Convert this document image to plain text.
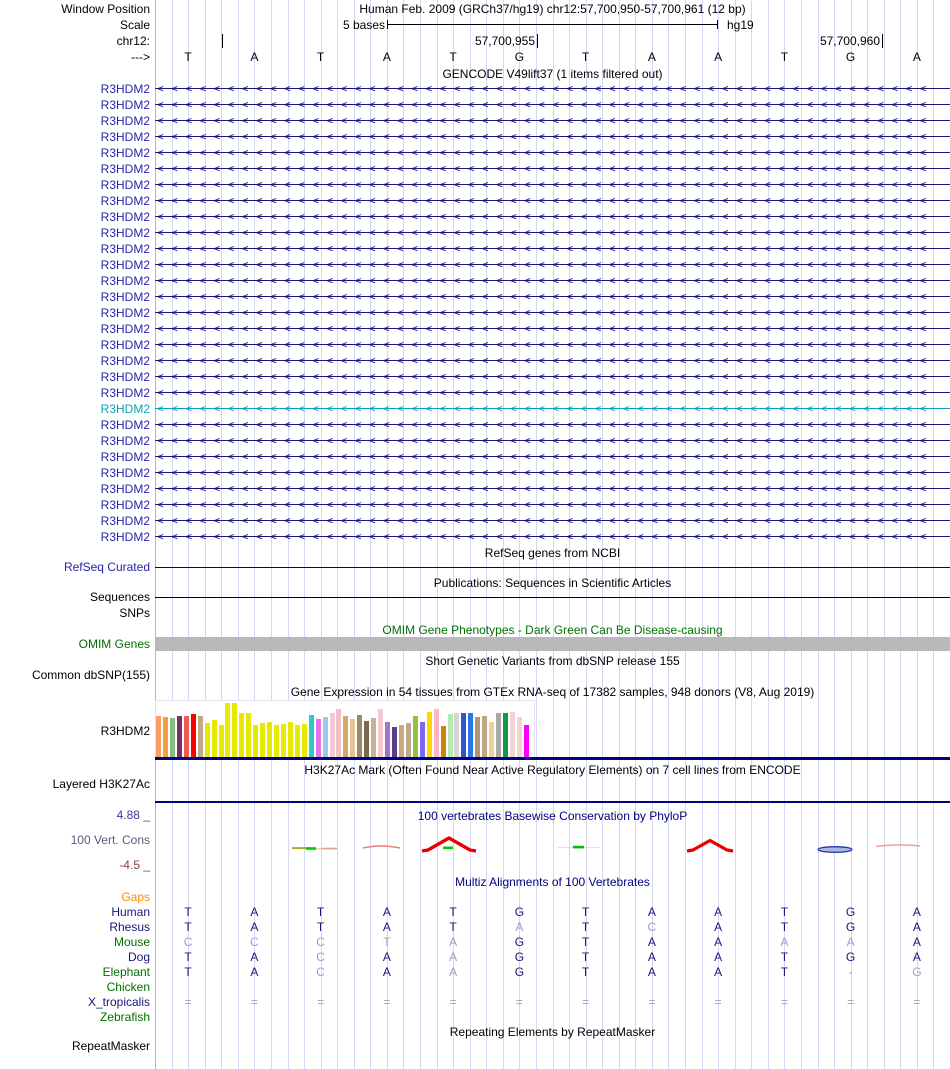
Window Position	Human Feb. 2009 (GRCh37/hg19) chr12:57,700,950-57,700,961 (12 bp)
Scale	5 bases	hg19
chr12:	57,700,955	57,700,960
--->	T	A	T	A	T	G	T	A	A	T	G	A
GENCODE V49lift37 (1 items filtered out)
R3HDM2 <<<<<<<<<<<<<<<<<<<<<<<<<<<<<<<<<<<<<<<<<<<<<<<<<<<<<<<
R3HDM2 <<<<<<<<<<<<<<<<<<<<<<<<<<<<<<<<<<<<<<<<<<<<<<<<<<<<<<<
R3HDM2 <<<<<<<<<<<<<<<<<<<<<<<<<<<<<<<<<<<<<<<<<<<<<<<<<<<<<<<
R3HDM2 <<<<<<<<<<<<<<<<<<<<<<<<<<<<<<<<<<<<<<<<<<<<<<<<<<<<<<<
R3HDM2 <<<<<<<<<<<<<<<<<<<<<<<<<<<<<<<<<<<<<<<<<<<<<<<<<<<<<<<
R3HDM2 <<<<<<<<<<<<<<<<<<<<<<<<<<<<<<<<<<<<<<<<<<<<<<<<<<<<<<<
R3HDM2 <<<<<<<<<<<<<<<<<<<<<<<<<<<<<<<<<<<<<<<<<<<<<<<<<<<<<<<
R3HDM2 <<<<<<<<<<<<<<<<<<<<<<<<<<<<<<<<<<<<<<<<<<<<<<<<<<<<<<<
R3HDM2 <<<<<<<<<<<<<<<<<<<<<<<<<<<<<<<<<<<<<<<<<<<<<<<<<<<<<<<
R3HDM2 <<<<<<<<<<<<<<<<<<<<<<<<<<<<<<<<<<<<<<<<<<<<<<<<<<<<<<<
R3HDM2 <<<<<<<<<<<<<<<<<<<<<<<<<<<<<<<<<<<<<<<<<<<<<<<<<<<<<<<
R3HDM2 <<<<<<<<<<<<<<<<<<<<<<<<<<<<<<<<<<<<<<<<<<<<<<<<<<<<<<<
R3HDM2 <<<<<<<<<<<<<<<<<<<<<<<<<<<<<<<<<<<<<<<<<<<<<<<<<<<<<<<
R3HDM2 <<<<<<<<<<<<<<<<<<<<<<<<<<<<<<<<<<<<<<<<<<<<<<<<<<<<<<<
R3HDM2 <<<<<<<<<<<<<<<<<<<<<<<<<<<<<<<<<<<<<<<<<<<<<<<<<<<<<<<
R3HDM2 <<<<<<<<<<<<<<<<<<<<<<<<<<<<<<<<<<<<<<<<<<<<<<<<<<<<<<<
R3HDM2 <<<<<<<<<<<<<<<<<<<<<<<<<<<<<<<<<<<<<<<<<<<<<<<<<<<<<<<
R3HDM2 <<<<<<<<<<<<<<<<<<<<<<<<<<<<<<<<<<<<<<<<<<<<<<<<<<<<<<<
R3HDM2 <<<<<<<<<<<<<<<<<<<<<<<<<<<<<<<<<<<<<<<<<<<<<<<<<<<<<<<
R3HDM2 <<<<<<<<<<<<<<<<<<<<<<<<<<<<<<<<<<<<<<<<<<<<<<<<<<<<<<<
R3HDM2 <<<<<<<<<<<<<<<<<<<<<<<<<<<<<<<<<<<<<<<<<<<<<<<<<<<<<<<
R3HDM2 <<<<<<<<<<<<<<<<<<<<<<<<<<<<<<<<<<<<<<<<<<<<<<<<<<<<<<<
R3HDM2 <<<<<<<<<<<<<<<<<<<<<<<<<<<<<<<<<<<<<<<<<<<<<<<<<<<<<<<
R3HDM2 <<<<<<<<<<<<<<<<<<<<<<<<<<<<<<<<<<<<<<<<<<<<<<<<<<<<<<<
R3HDM2 <<<<<<<<<<<<<<<<<<<<<<<<<<<<<<<<<<<<<<<<<<<<<<<<<<<<<<<
R3HDM2 <<<<<<<<<<<<<<<<<<<<<<<<<<<<<<<<<<<<<<<<<<<<<<<<<<<<<<<
R3HDM2 <<<<<<<<<<<<<<<<<<<<<<<<<<<<<<<<<<<<<<<<<<<<<<<<<<<<<<<
R3HDM2 <<<<<<<<<<<<<<<<<<<<<<<<<<<<<<<<<<<<<<<<<<<<<<<<<<<<<<<
R3HDM2 <<<<<<<<<<<<<<<<<<<<<<<<<<<<<<<<<<<<<<<<<<<<<<<<<<<<<<<
RefSeq genes from NCBI
RefSeq Curated
Publications: Sequences in Scientific Articles
Sequences
SNPs
OMIM Gene Phenotypes - Dark Green Can Be Disease-causing
OMIM Genes
Short Genetic Variants from dbSNP release 155
Common dbSNP(155)
Gene Expression in 54 tissues from GTEx RNA-seq of 17382 samples, 948 donors (V8, Aug 2019)
R3HDM2
H3K27Ac Mark (Often Found Near Active Regulatory Elements) on 7 cell lines from ENCODE
Layered H3K27Ac
4.88 _	100 vertebrates Basewise Conservation by PhyloP
100 Vert. Cons
-4.5 _
Multiz Alignments of 100 Vertebrates
Gaps
Human	T	A	T	A	T	G	T	A	A	T	G	A
Rhesus	T	A	T	A	T	A	T	C	A	T	G	A
Mouse	C	C	C	T	A	G	T	A	A	A	A	A
Dog	T	A	C	A	A	G	T	A	A	T	G	A
Elephant	T	A	C	A	A	G	T	A	A	T	-	G
Chicken
X_tropicalis	=	=	=	=	=	=	=	=	=	=	=	=
Zebrafish
Repeating Elements by RepeatMasker
RepeatMasker
